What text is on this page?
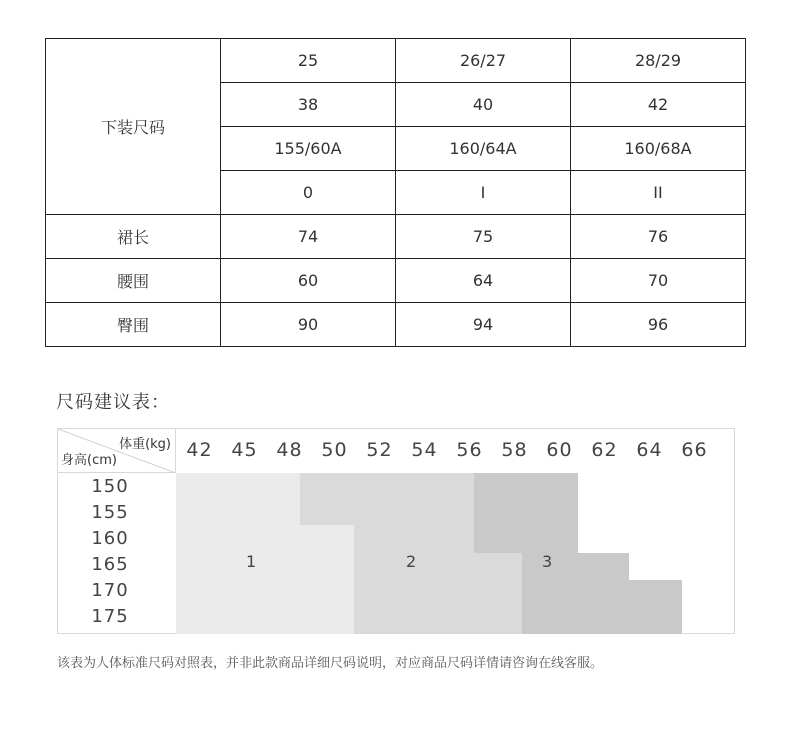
下装尺码	25	26/27	28/29
	38	40	42
	155/60A	160/64A	160/68A
	0	I	II
裙长	74	75	76
腰围	60	64	70
臀围	90	94	96
尺码建议表：
体重(kg)
身高(cm)	42 45 48 50 52 54 56 58 60 62 64 66
150
155
160
165
170
175
1	2	3
该表为人体标准尺码对照表，并非此款商品详细尺码说明，对应商品尺码详情请咨询在线客服。
